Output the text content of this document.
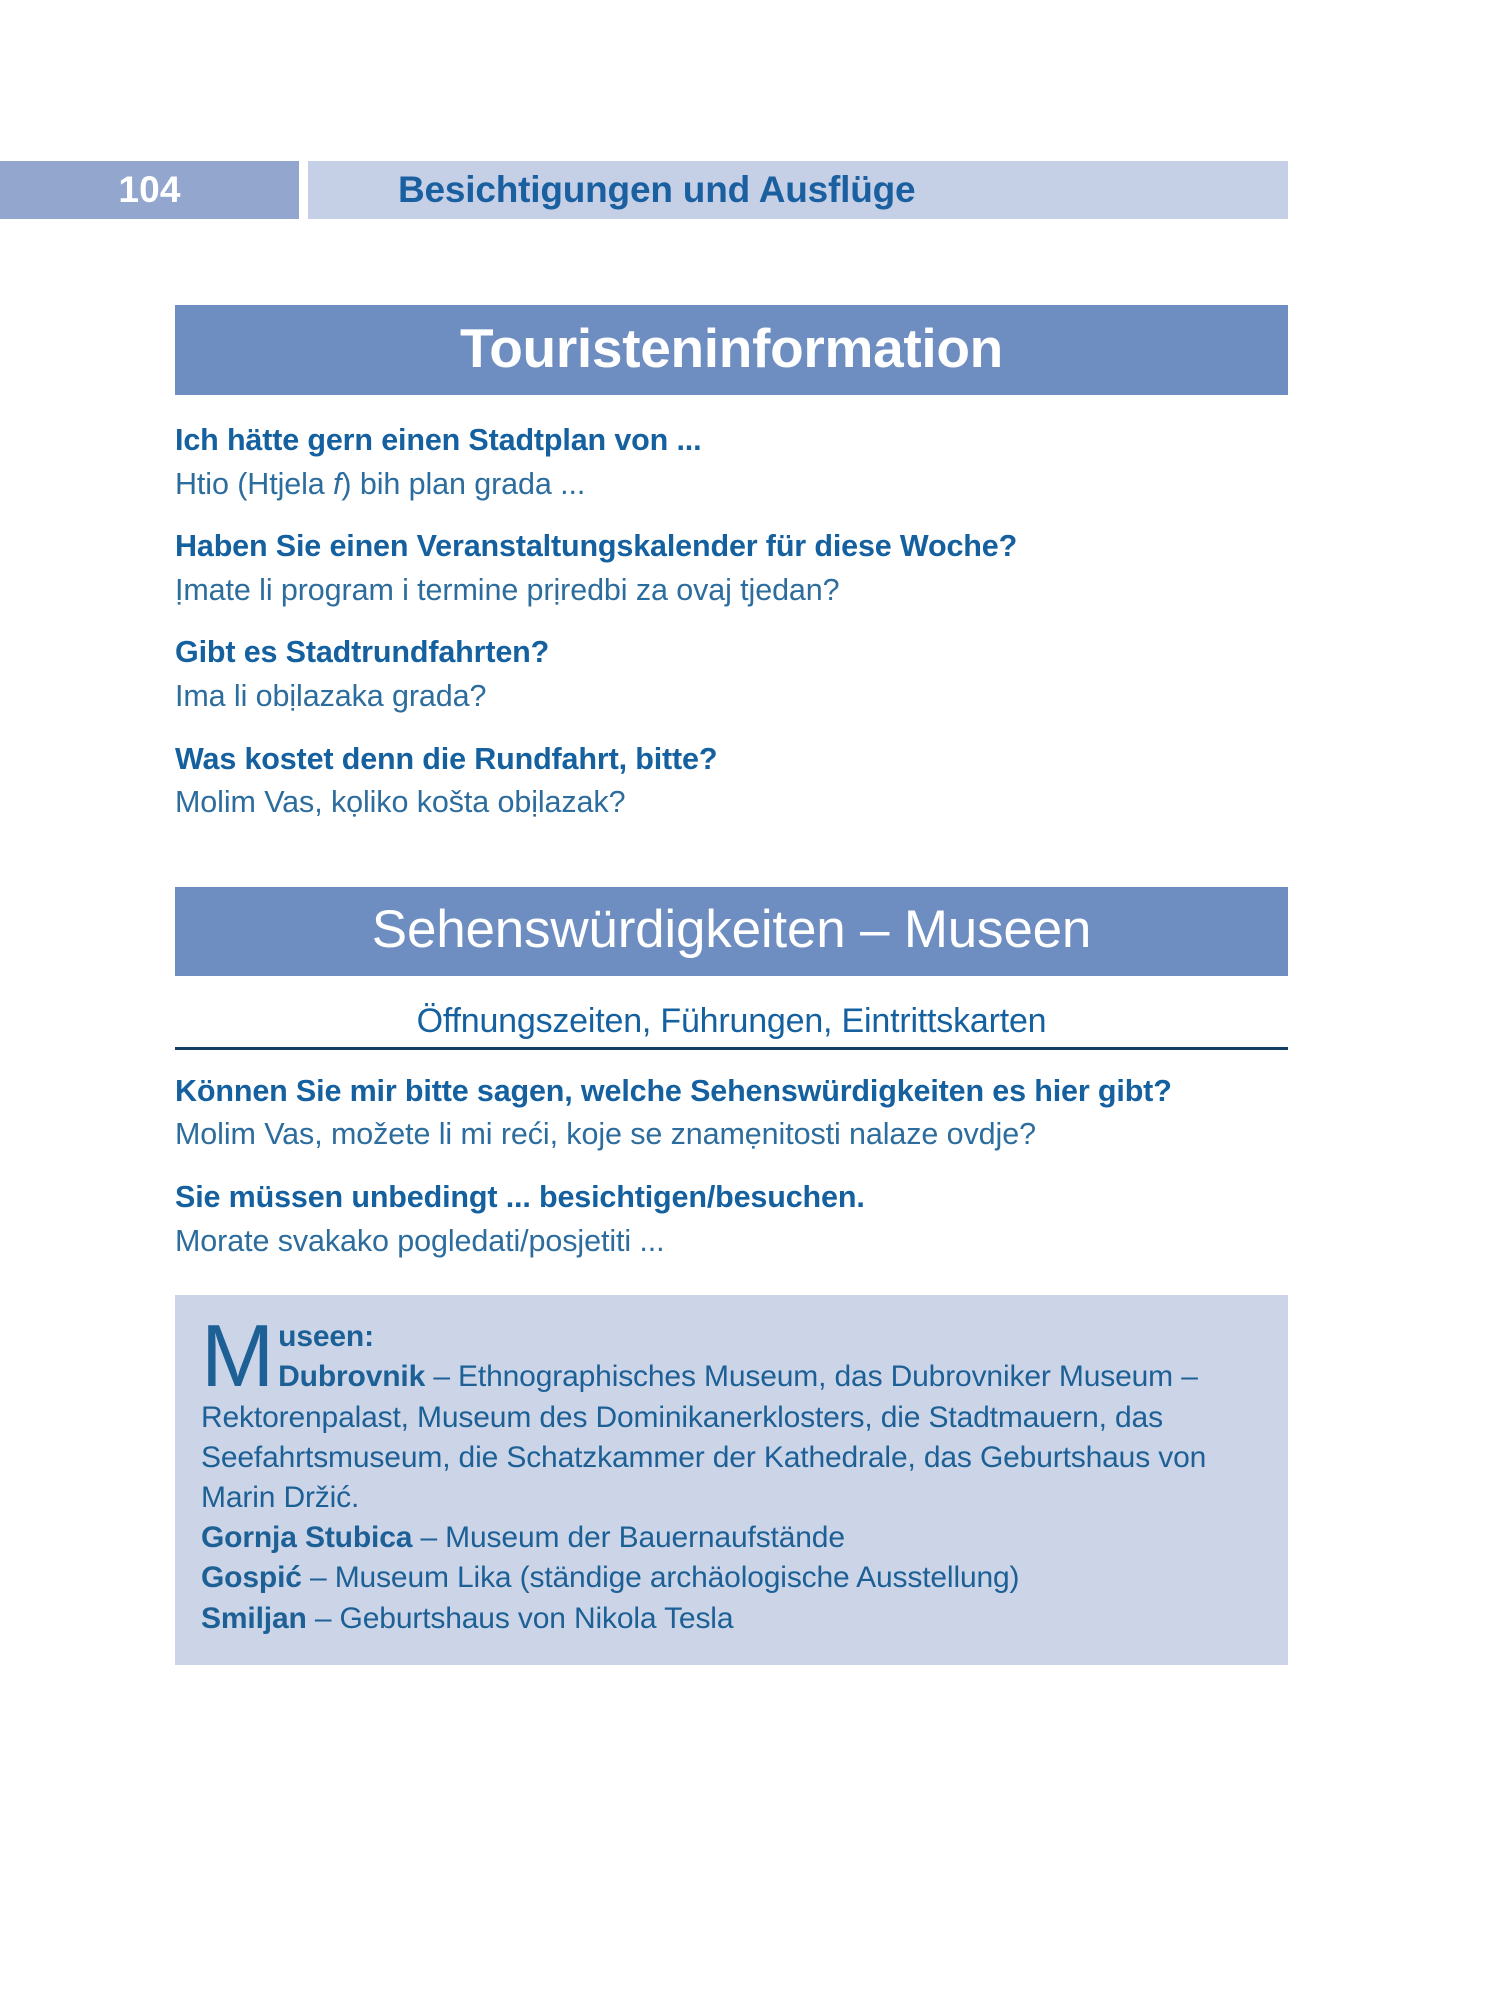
104	Besichtigungen und Ausflüge
Touristeninformation
Ich hätte gern einen Stadtplan von ...
Htio (Htjela f) bih plan grada ...
Haben Sie einen Veranstaltungskalender für diese Woche?
Ịmate li program i termine prịredbi za ovaj tjedan?
Gibt es Stadtrundfahrten?
Ima li obịlazaka grada?
Was kostet denn die Rundfahrt, bitte?
Molim Vas, kọliko košta obịlazak?
Sehenswürdigkeiten – Museen
Öffnungszeiten, Führungen, Eintrittskarten
Können Sie mir bitte sagen, welche Sehenswürdigkeiten es hier gibt?
Molim Vas, možete li mi reći, koje se znamẹnitosti nalaze ovdje?
Sie müssen unbedingt ... besichtigen/besuchen.
Morate svakako pogledati/posjetiti ...
M useen:
Dubrovnik – Ethnographisches Museum, das Dubrovniker Museum – Rektorenpalast, Museum des Dominikanerklosters, die Stadtmauern, das Seefahrtsmuseum, die Schatzkammer der Kathedrale, das Geburtshaus von Marin Držić.
Gornja Stubica – Museum der Bauernaufstände
Gospić – Museum Lika (ständige archäologische Ausstellung)
Smiljan – Geburtshaus von Nikola Tesla
